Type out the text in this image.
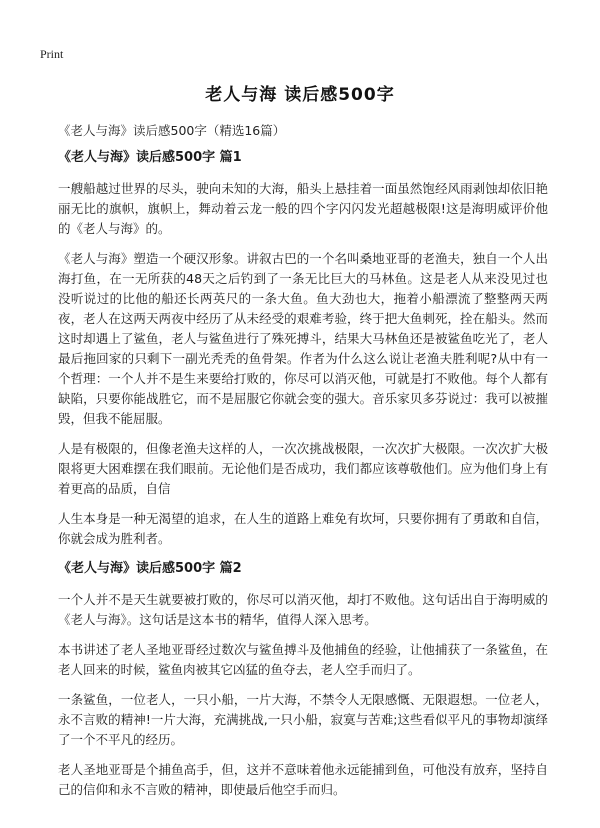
Print
老人与海 读后感500字
《老人与海》读后感500字（精选16篇）
《老人与海》读后感500字 篇1

一艘船越过世界的尽头，驶向未知的大海，船头上悬挂着一面虽然饱经风雨剥蚀却依旧艳丽无比的旗帜，旗帜上，舞动着云龙一般的四个字闪闪发光超越极限!这是海明威评价他的《老人与海》的。

《老人与海》塑造一个硬汉形象。讲叙古巴的一个名叫桑地亚哥的老渔夫，独自一个人出海打鱼，在一无所获的48天之后钓到了一条无比巨大的马林鱼。这是老人从来没见过也没听说过的比他的船还长两英尺的一条大鱼。鱼大劲也大，拖着小船漂流了整整两天两夜，老人在这两天两夜中经历了从未经受的艰难考验，终于把大鱼刺死，拴在船头。然而这时却遇上了鲨鱼，老人与鲨鱼进行了殊死搏斗，结果大马林鱼还是被鲨鱼吃光了，老人最后拖回家的只剩下一副光秃秃的鱼骨架。作者为什么这么说让老渔夫胜利呢?从中有一个哲理：一个人并不是生来要给打败的，你尽可以消灭他，可就是打不败他。每个人都有缺陷，只要你能战胜它，而不是屈服它你就会变的强大。音乐家贝多芬说过：我可以被摧毁，但我不能屈服。

人是有极限的，但像老渔夫这样的人，一次次挑战极限，一次次扩大极限。一次次扩大极限将更大困难摆在我们眼前。无论他们是否成功，我们都应该尊敬他们。应为他们身上有着更高的品质，自信

人生本身是一种无渴望的追求，在人生的道路上难免有坎坷，只要你拥有了勇敢和自信，你就会成为胜利者。

《老人与海》读后感500字 篇2

一个人并不是天生就要被打败的，你尽可以消灭他，却打不败他。这句话出自于海明威的《老人与海》。这句话是这本书的精华，值得人深入思考。

本书讲述了老人圣地亚哥经过数次与鲨鱼搏斗及他捕鱼的经验，让他捕获了一条鲨鱼，在老人回来的时候，鲨鱼肉被其它凶猛的鱼夺去，老人空手而归了。

一条鲨鱼，一位老人，一只小船，一片大海，不禁令人无限感慨、无限遐想。一位老人，永不言败的精神!一片大海，充满挑战,一只小船，寂寞与苦难;这些看似平凡的事物却演绎了一个不平凡的经历。

老人圣地亚哥是个捕鱼高手，但，这并不意味着他永远能捕到鱼，可他没有放弃，坚持自己的信仰和永不言败的精神，即使最后他空手而归。
